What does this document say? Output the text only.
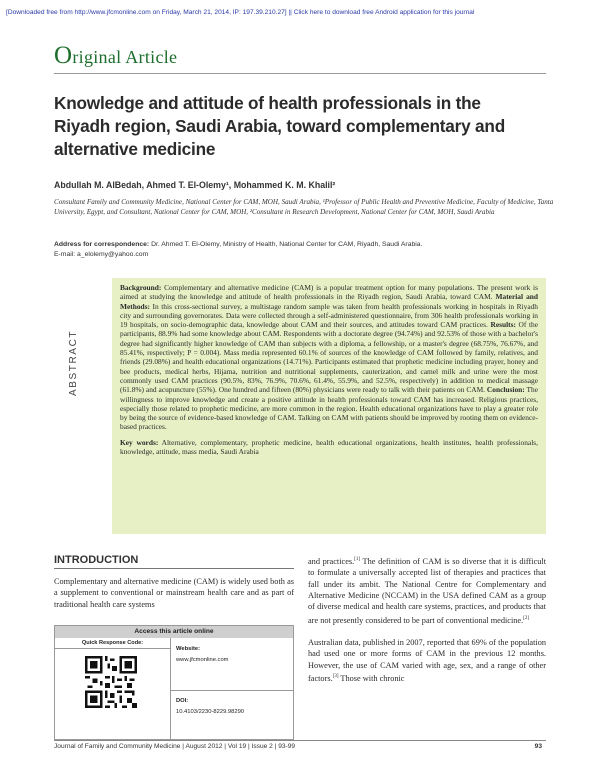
[Downloaded free from http://www.jfcmonline.com on Friday, March 21, 2014, IP: 197.39.210.27] || Click here to download free Android application for this journal
Original Article
Knowledge and attitude of health professionals in the Riyadh region, Saudi Arabia, toward complementary and alternative medicine
Abdullah M. AlBedah, Ahmed T. El-Olemy¹, Mohammed K. M. Khalil²
Consultant Family and Community Medicine, National Center for CAM, MOH, Saudi Arabia, ¹Professor of Public Health and Preventive Medicine, Faculty of Medicine, Tanta University, Egypt, and Consultant, National Center for CAM, MOH, ²Consultant in Research Development, National Center for CAM, MOH, Saudi Arabia
Address for correspondence: Dr. Ahmed T. El-Olemy, Ministry of Health, National Center for CAM, Riyadh, Saudi Arabia.
E-mail: a_elolemy@yahoo.com
ABSTRACT

Background: Complementary and alternative medicine (CAM) is a popular treatment option for many populations. The present work is aimed at studying the knowledge and attitude of health professionals in the Riyadh region, Saudi Arabia, toward CAM. Material and Methods: In this cross-sectional survey, a multistage random sample was taken from health professionals working in hospitals in Riyadh city and surrounding governorates. Data were collected through a self-administered questionnaire, from 306 health professionals working in 19 hospitals, on socio-demographic data, knowledge about CAM and their sources, and attitudes toward CAM practices. Results: Of the participants, 88.9% had some knowledge about CAM. Respondents with a doctorate degree (94.74%) and 92.53% of those with a bachelor's degree had significantly higher knowledge of CAM than subjects with a diploma, a fellowship, or a master's degree (68.75%, 76.67%, and 85.41%, respectively; P = 0.004). Mass media represented 60.1% of sources of the knowledge of CAM followed by family, relatives, and friends (29.08%) and health educational organizations (14.71%). Participants estimated that prophetic medicine including prayer, honey and bee products, medical herbs, Hijama, nutrition and nutritional supplements, cauterization, and camel milk and urine were the most commonly used CAM practices (90.5%, 83%, 76.9%, 70.6%, 61.4%, 55.9%, and 52.5%, respectively) in addition to medical massage (61.8%) and acupuncture (55%). One hundred and fifteen (80%) physicians were ready to talk with their patients on CAM. Conclusion: The willingness to improve knowledge and create a positive attitude in health professionals toward CAM has increased. Religious practices, especially those related to prophetic medicine, are more common in the region. Health educational organizations have to play a greater role by being the source of evidence-based knowledge of CAM. Talking on CAM with patients should be improved by rooting them on evidence-based practices.

Key words: Alternative, complementary, prophetic medicine, health educational organizations, health institutes, health professionals, knowledge, attitude, mass media, Saudi Arabia

INTRODUCTION

Complementary and alternative medicine (CAM) is widely used both as a supplement to conventional or mainstream health care and as part of traditional health care systems

and practices.[1] The definition of CAM is so diverse that it is difficult to formulate a universally accepted list of therapies and practices that fall under its ambit. The National Centre for Complementary and Alternative Medicine (NCCAM) in the USA defined CAM as a group of diverse medical and health care systems, practices, and products that are not presently considered to be part of conventional medicine.[2]

Australian data, published in 2007, reported that 69% of the population had used one or more forms of CAM in the previous 12 months. However, the use of CAM varied with age, sex, and a range of other factors.[3] Those with chronic

Access this article online
Quick Response Code:
Website:
www.jfcmonline.com
DOI:
10.4103/2230-8229.98290
Journal of Family and Community Medicine | August 2012 | Vol 19 | Issue 2 | 93-99	93
